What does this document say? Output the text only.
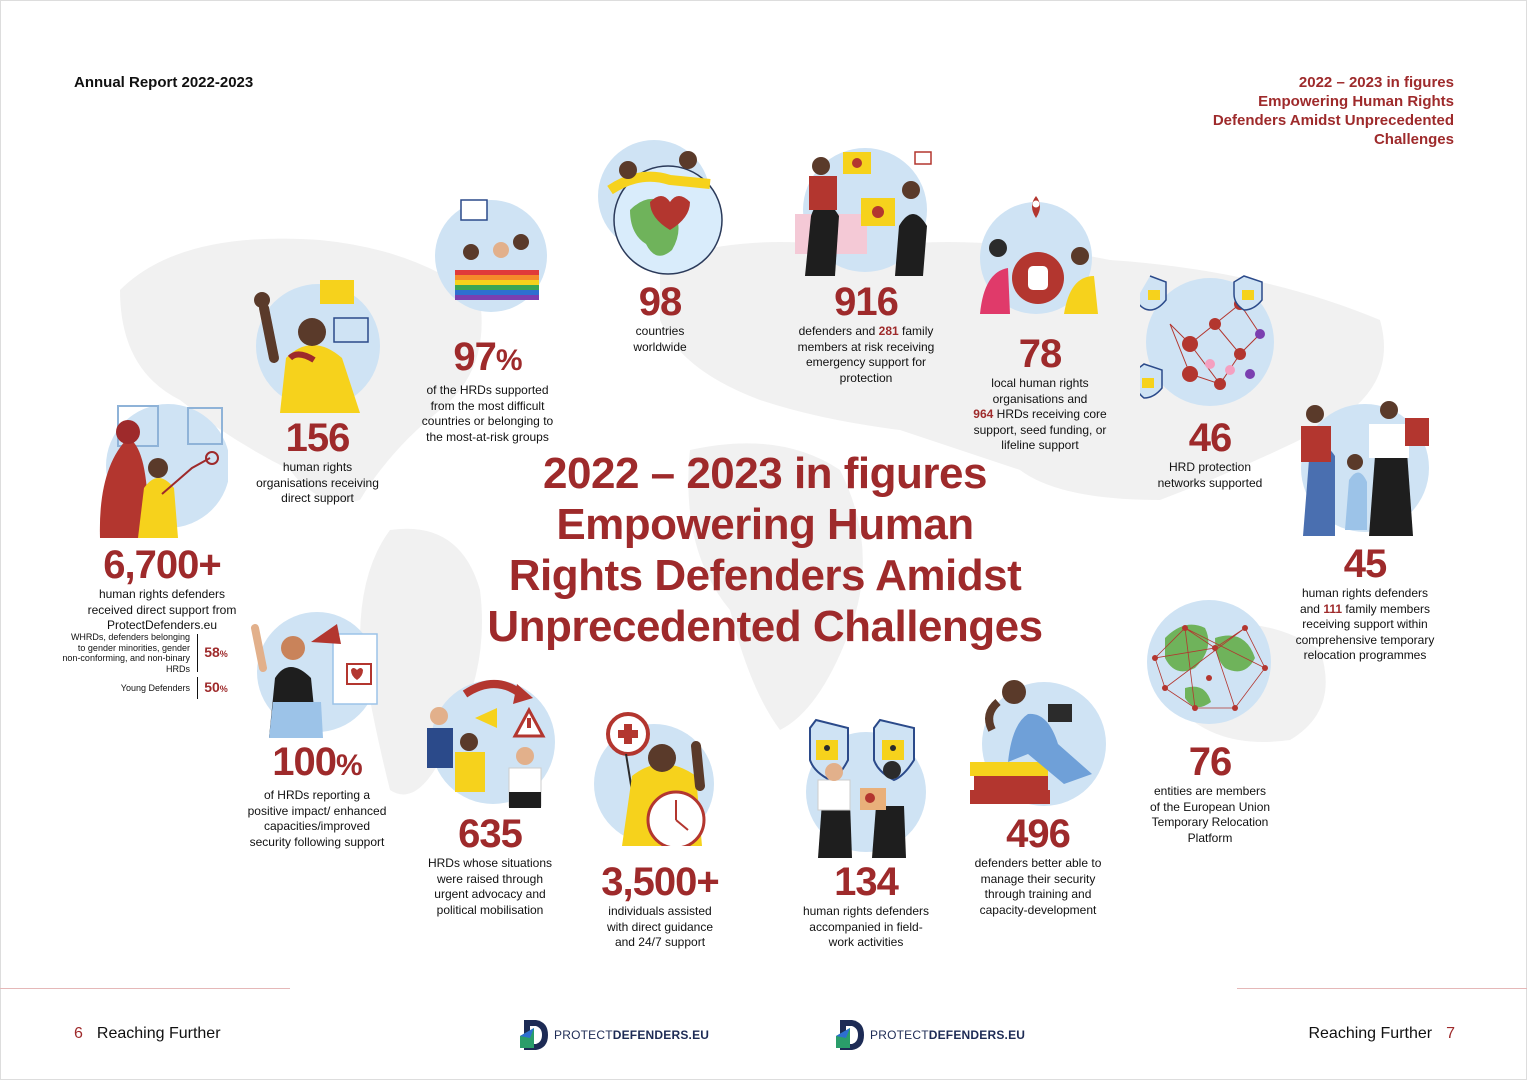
Annual Report 2022-2023	2022 – 2023 in figures
Empowering Human Rights
Defenders Amidst Unprecedented
Challenges
2022 – 2023 in figures
Empowering Human
Rights Defenders Amidst
Unprecedented Challenges
6,700+
human rights defenders
received direct support from
ProtectDefenders.eu
WHRDs, defenders belonging to gender minorities, gender non-conforming, and non-binary HRDs
58%
Young Defenders	50%
156
human rights
organisations receiving
direct support
97%
of the HRDs supported
from the most difficult
countries or belonging to
the most-at-risk groups
98
countries
worldwide
916
defenders and 281 family
members at risk receiving
emergency support for
protection
78
local human rights
organisations and
964 HRDs receiving core
support, seed funding, or
lifeline support	46
HRD protection
networks supported
45
human rights defenders
and 111 family members
receiving support within
comprehensive temporary
relocation programmes
76
entities are members
of the European Union
Temporary Relocation
Platform
100%
of HRDs reporting a
positive impact/ enhanced
capacities/improved
security following support	635
HRDs whose situations
were raised through
urgent advocacy and
political mobilisation
3,500+
individuals assisted
with direct guidance
and 24/7 support
134
human rights defenders
accompanied in field-
work activities
496
defenders better able to
manage their security
through training and
capacity-development
6 Reaching Further	Reaching Further 7
PROTECTDEFENDERS.EU	PROTECTDEFENDERS.EU
